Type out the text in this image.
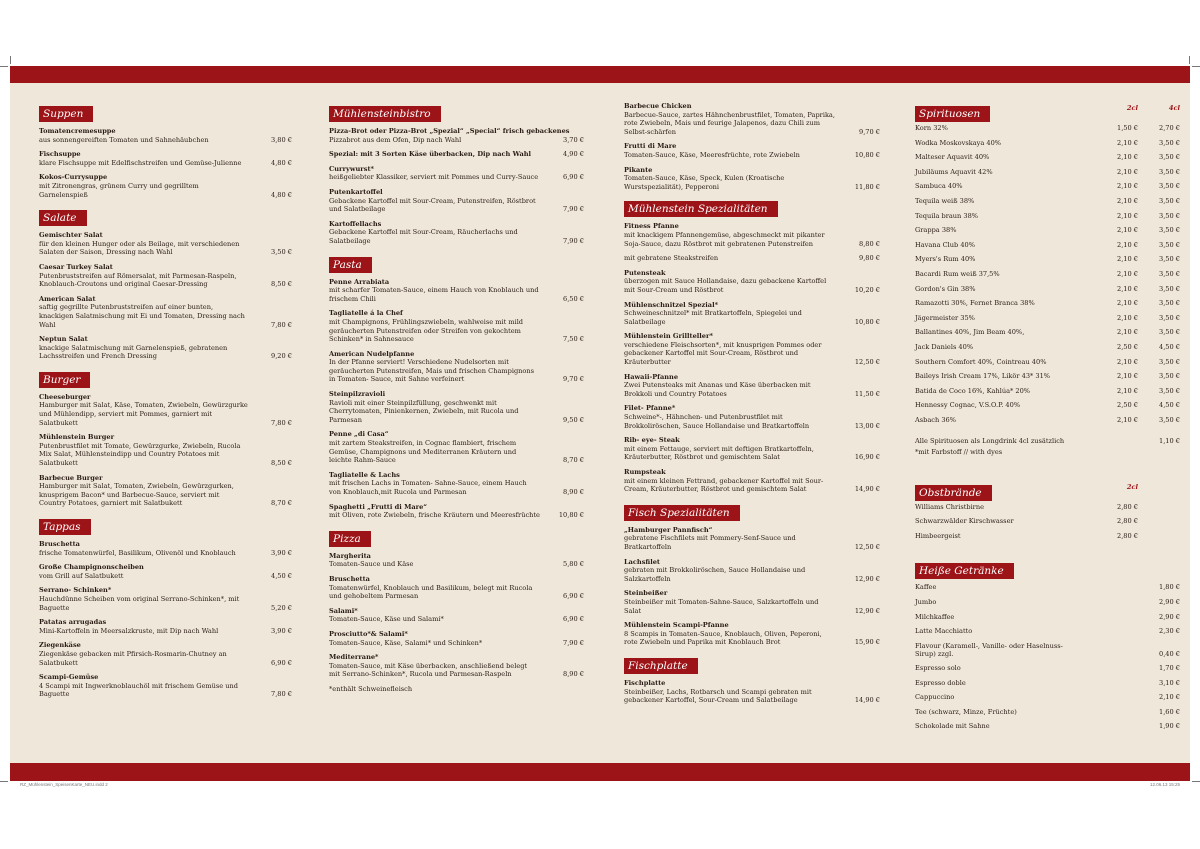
Suppen
Tomatencremesuppe
aus sonnengereiften Tomaten und Sahnehäubchen	3,80 €
Fischsuppe
klare Fischsuppe mit Edelfischstreifen und Gemüse-Julienne	4,80 €
Kokos-Currysuppe
mit Zitronengras, grünem Curry und gegrilltem Garnelenspieß	4,80 €
Salate
Gemischter Salat
für den kleinen Hunger oder als Beilage, mit verschiedenen Salaten der Saison, Dressing nach Wahl	3,50 €
Caesar Turkey Salat
Putenbruststreifen auf Römersalat, mit Parmesan-Raspeln, Knoblauch-Croutons und original Caesar-Dressing	8,50 €
American Salat
saftig gegrillte Putenbruststreifen auf einer bunten, knackigen Salatmischung mit Ei und Tomaten, Dressing nach Wahl	7,80 €
Neptun Salat
knackige Salatmischung mit Garnelenspieß, gebratenen Lachsstreifen und French Dressing	9,20 €
Burger
Cheeseburger
Hamburger mit Salat, Käse, Tomaten, Zwiebeln, Gewürzgurke und Mühlendipp, serviert mit Pommes, garniert mit Salatbukett	7,80 €
Mühlenstein Burger
Putenbrustfilet mit Tomate, Gewürzgurke, Zwiebeln, Rucola Mix Salat, Mühlensteindipp und Country Potatoes mit Salatbukett	8,50 €
Barbecue Burger
Hamburger mit Salat, Tomaten, Zwiebeln, Gewürzgurken, knusprigem Bacon* und Barbecue-Sauce, serviert mit Country Potatoes, garniert mit Salatbukett	8,70 €
Tappas
Bruschetta
frische Tomatenwürfel, Basilikum, Olivenöl und Knoblauch	3,90 €
Große Champignonscheiben
vom Grill auf Salatbukett	4,50 €
Serrano- Schinken*
Hauchdünne Scheiben vom original Serrano-Schinken*, mit Baguette	5,20 €
Patatas arrugadas
Mini-Kartoffeln in Meersalzkruste, mit Dip nach Wahl	3,90 €
Ziegenkäse
Ziegenkäse gebacken mit Pfirsich-Rosmarin-Chutney an Salatbukett	6,90 €
Scampi-Gemüse
4 Scampi mit Ingwerknoblauchöl mit frischem Gemüse und Baguette	7,80 €
Mühlensteinbistro
Pizza-Brot oder Pizza-Brot „Spezial“ „Special“ frisch gebackenes
Pizzabrot aus dem Ofen, Dip nach Wahl	3,70 €
Spezial: mit 3 Sorten Käse überbacken, Dip nach Wahl	4,90 €
Currywurst*
heißgeliebter Klassiker, serviert mit Pommes und Curry-Sauce	6,90 €
Putenkartoffel
Gebackene Kartoffel mit Sour-Cream, Putenstreifen, Röstbrot und Salatbeilage	7,90 €
Kartoffellachs
Gebackene Kartoffel mit Sour-Cream, Räucherlachs und Salatbeilage	7,90 €
Pasta
Penne Arrabiata
mit scharfer Tomaten-Sauce, einem Hauch von Knoblauch und frischem Chili	6,50 €
Tagliatelle á la Chef
mit Champignons, Frühlingszwiebeln, wahlweise mit mild geräucherten Putenstreifen oder Streifen von gekochtem Schinken* in Sahnesauce	7,50 €
American Nudelpfanne
In der Pfanne serviert! Verschiedene Nudelsorten mit geräucherten Putenstreifen, Mais und frischen Champignons in Tomaten- Sauce, mit Sahne verfeinert	9,70 €
Steinpilzravioli
Ravioli mit einer Steinpilzfüllung, geschwenkt mit Cherrytomaten, Pinienkernen, Zwiebeln, mit Rucola und Parmesan	9,50 €
Penne „di Casa“
mit zartem Steakstreifen, in Cognac flambiert, frischem Gemüse, Champignons und Mediterranen Kräutern und leichte Rahm-Sauce	8,70 €
Tagliatelle & Lachs
mit frischen Lachs in Tomaten- Sahne-Sauce, einem Hauch von Knoblauch,mit Rucola und Parmesan	8,90 €
Spaghetti „Frutti di Mare“
mit Oliven, rote Zwiebeln, frische Kräutern und Meeresfrüchte	10,80 €
Pizza
Margherita
Tomaten-Sauce und Käse	5,80 €
Bruschetta
Tomatenwürfel, Knoblauch und Basilikum, belegt mit Rucola und gehobeltem Parmesan	6,90 €
Salami*
Tomaten-Sauce, Käse und Salami*	6,90 €
Prosciutto*& Salami*
Tomaten-Sauce, Käse, Salami* und Schinken*	7,90 €
Mediterrane*
Tomaten-Sauce, mit Käse überbacken, anschließend belegt mit Serrano-Schinken*, Rucola und Parmesan-Raspeln	8,90 €
*enthält Schweinefleisch
Barbecue Chicken
Barbecue-Sauce, zartes Hähnchenbrustfilet, Tomaten, Paprika, rote Zwiebeln, Mais und feurige Jalapenos, dazu Chili zum Selbst-schärfen	9,70 €
Frutti di Mare
Tomaten-Sauce, Käse, Meeresfrüchte, rote Zwiebeln	10,80 €
Pikante
Tomaten-Sauce, Käse, Speck, Kulen (Kroatische Wurstspezialität), Pepperoni	11,80 €
Mühlenstein Spezialitäten
Fitness Pfanne
mit knackigem Pfannengemüse, abgeschmeckt mit pikanter Soja-Sauce, dazu Röstbrot mit gebratenen Putenstreifen	8,80 €
mit gebratene Steakstreifen	9,80 €
Putensteak
überzogen mit Sauce Hollandaise, dazu gebackene Kartoffel mit Sour-Cream und Röstbrot	10,20 €
Mühlenschnitzel Spezial*
Schweineschnitzel* mit Bratkartoffeln, Spiegelei und Salatbeilage	10,80 €
Mühlenstein Grillteller*
verschiedene Fleischsorten*, mit knusprigen Pommes oder gebackener Kartoffel mit Sour-Cream, Röstbrot und Kräuterbutter	12,50 €
Hawaii-Pfanne
Zwei Putensteaks mit Ananas und Käse überbacken mit Brokkoli und Country Potatoes	11,50 €
Filet- Pfanne*
Schweine*-, Hähnchen- und Putenbrustfilet mit Brokkoliröschen, Sauce Hollandaise und Bratkartoffeln	13,00 €
Rib- eye- Steak
mit einem Fettauge, serviert mit deftigen Bratkartoffeln, Kräuterbutter, Röstbrot und gemischtem Salat	16,90 €
Rumpsteak
mit einem kleinen Fettrand, gebackener Kartoffel mit Sour-Cream, Kräuterbutter, Röstbrot und gemischtem Salat	14,90 €
Fisch Spezialitäten
„Hamburger Pannfisch“
gebratene Fischfilets mit Pommery-Senf-Sauce und Bratkartoffeln	12,50 €
Lachsfilet
gebraten mit Brokkoliröschen, Sauce Hollandaise und Salzkartoffeln	12,90 €
Steinbeißer
Steinbeißer mit Tomaten-Sahne-Sauce, Salzkartoffeln und Salat	12,90 €
Mühlenstein Scampi-Pfanne
8 Scampis in Tomaten-Sauce, Knoblauch, Oliven, Peperoni, rote Zwiebeln und Paprika mit Knoblauch Brot	15,90 €
Fischplatte
Fischplatte
Steinbeißer, Lachs, Rotbarsch und Scampi gebraten mit gebackener Kartoffel, Sour-Cream und Salatbeilage	14,90 €
Spirituosen	2cl	4cl
Korn 32%	1,50 €	2,70 €
Wodka Moskovskaya 40%	2,10 €	3,50 €
Malteser Aquavit 40%	2,10 €	3,50 €
Jubiläums Aquavit 42%	2,10 €	3,50 €
Sambuca 40%	2,10 €	3,50 €
Tequila weiß 38%	2,10 €	3,50 €
Tequila braun 38%	2,10 €	3,50 €
Grappa 38%	2,10 €	3,50 €
Havana Club 40%	2,10 €	3,50 €
Myers's Rum 40%	2,10 €	3,50 €
Bacardi Rum weiß 37,5%	2,10 €	3,50 €
Gordon's Gin 38%	2,10 €	3,50 €
Ramazotti 30%, Fernet Branca 38%	2,10 €	3,50 €
Jägermeister 35%	2,10 €	3,50 €
Ballantines 40%, Jim Beam 40%,	2,10 €	3,50 €
Jack Daniels 40%	2,50 €	4,50 €
Southern Comfort 40%, Cointreau 40%	2,10 €	3,50 €
Baileys Irish Cream 17%, Likör 43* 31%	2,10 €	3,50 €
Batida de Coco 16%, Kahlúa* 20%	2,10 €	3,50 €
Hennessy Cognac, V.S.O.P. 40%	2,50 €	4,50 €
Asbach 36%	2,10 €	3,50 €
Alle Spirituosen als Longdrink 4cl zusätzlich	1,10 €
*mit Farbstoff // with dyes
Obstbrände	2cl
Williams Christbirne	2,80 €
Schwarzwälder Kirschwasser	2,80 €
Himbeergeist	2,80 €
Heiße Getränke
Kaffee	1,80 €
Jumbo	2,90 €
Milchkaffee	2,90 €
Latte Macchiatto	2,30 €
Flavour (Karamell-, Vanille- oder Haselnuss-Sirup) zzgl.	0,40 €
Espresso solo	1,70 €
Espresso doble	3,10 €
Cappuccino	2,10 €
Tee (schwarz, Minze, Früchte)	1,60 €
Schokolade mit Sahne	1,90 €
RZ_Mühlenstein_SpeisenKarte_NEU.indd 2	12.06.13 15:25
